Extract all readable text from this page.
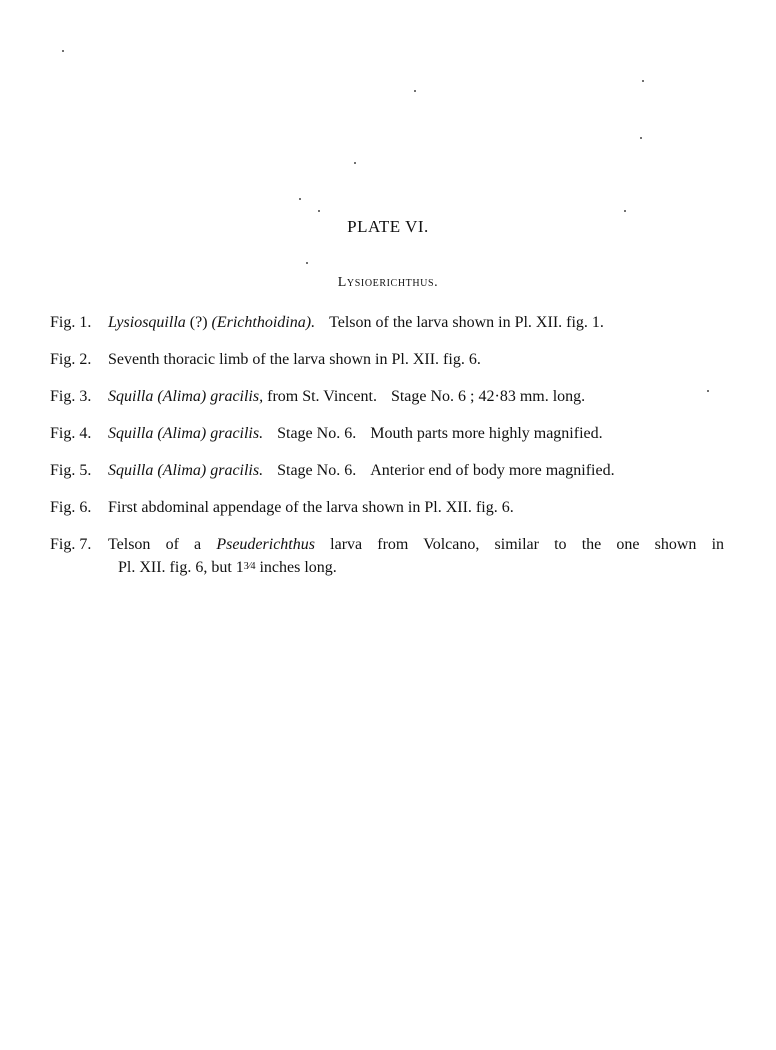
PLATE VI.
Lysioerichthus.
Fig. 1. Lysiosquilla (?) (Erichthoidina). Telson of the larva shown in Pl. XII. fig. 1.
Fig. 2. Seventh thoracic limb of the larva shown in Pl. XII. fig. 6.
Fig. 3. Squilla (Alima) gracilis, from St. Vincent. Stage No. 6 ; 42·83 mm. long.
Fig. 4. Squilla (Alima) gracilis. Stage No. 6. Mouth parts more highly magnified.
Fig. 5. Squilla (Alima) gracilis. Stage No. 6. Anterior end of body more magnified.
Fig. 6. First abdominal appendage of the larva shown in Pl. XII. fig. 6.
Fig. 7. Telson of a Pseuderichthus larva from Volcano, similar to the one shown in
Pl. XII. fig. 6, but 13⁄4 inches long.
